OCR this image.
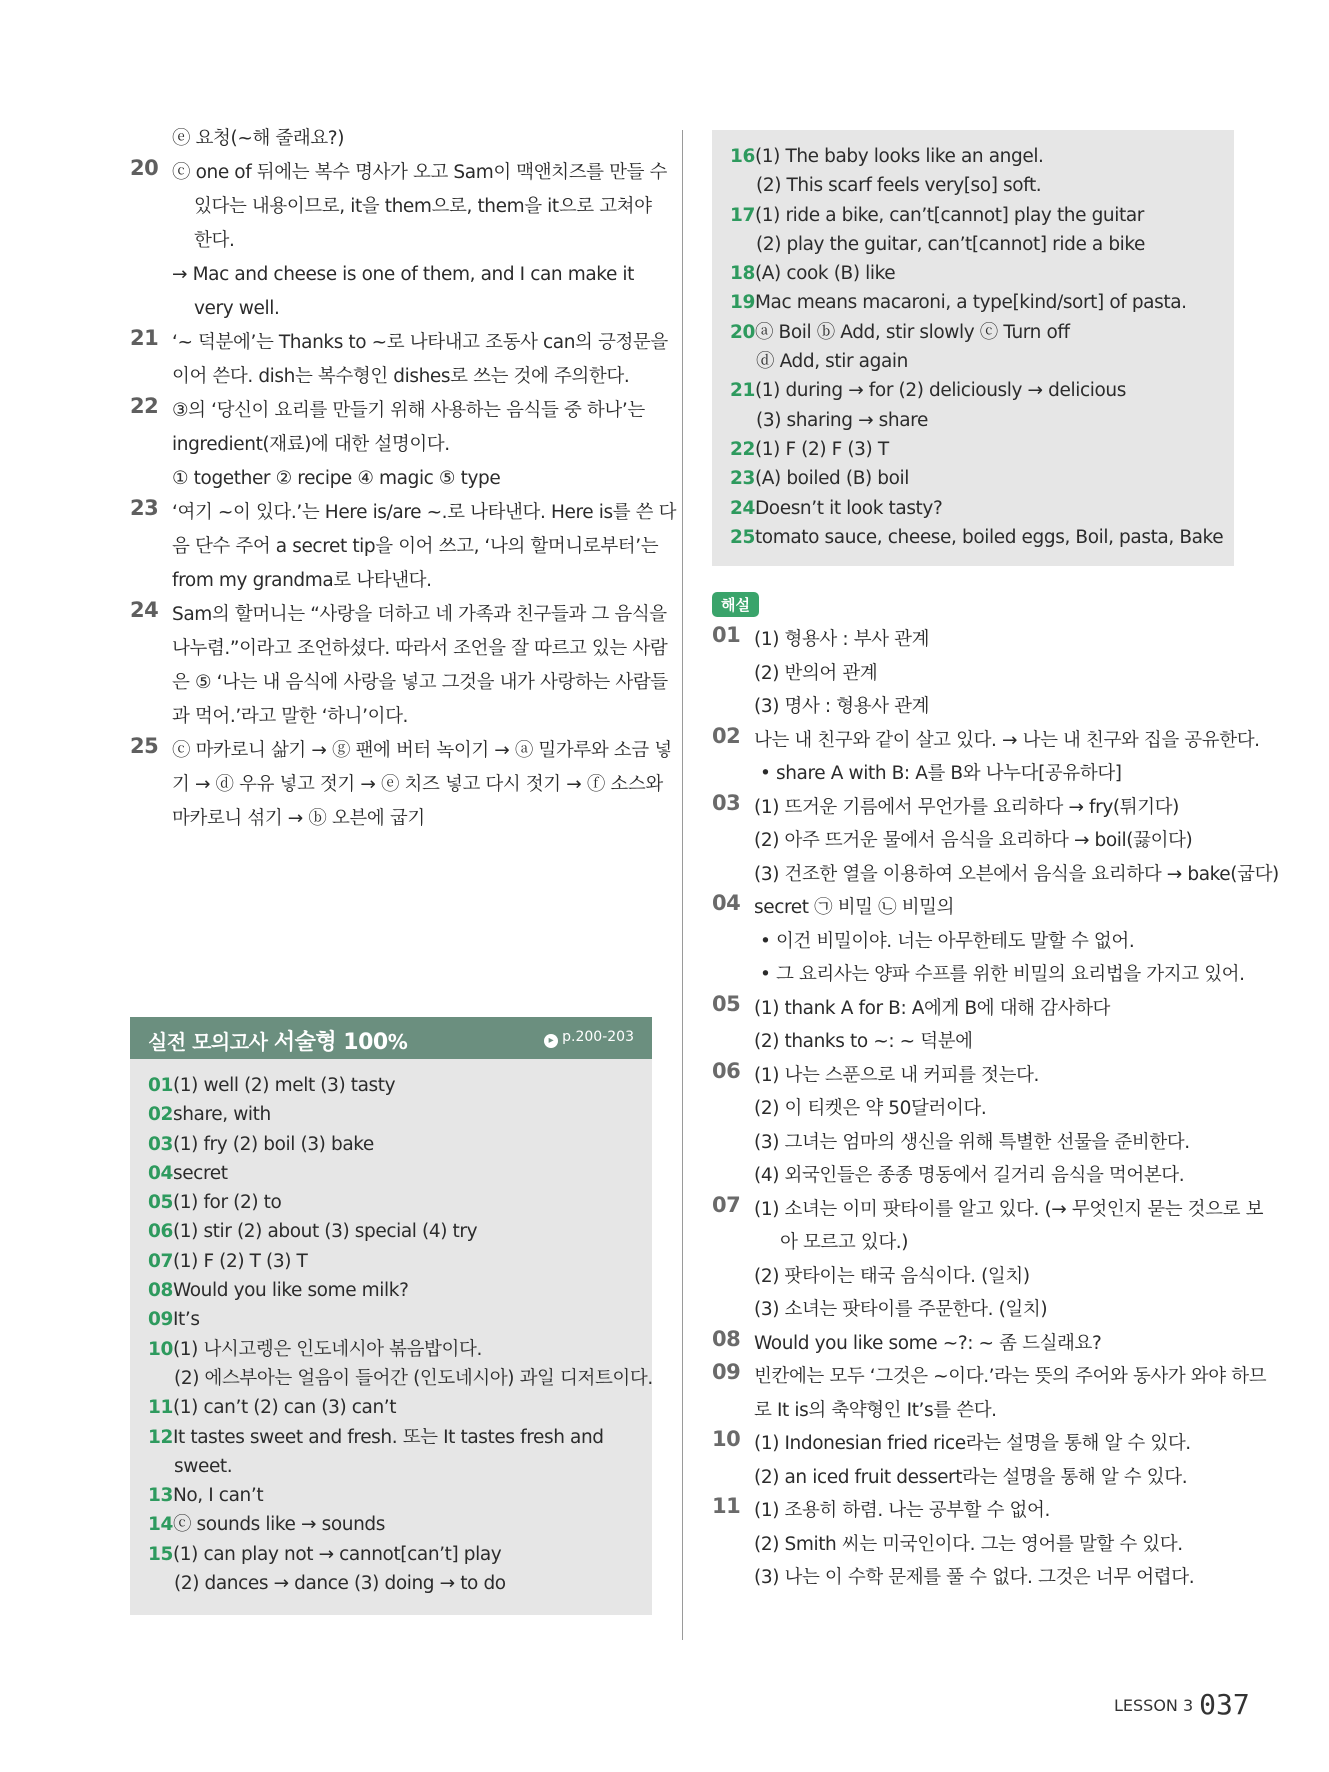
ⓔ 요청(~해 줄래요?)
20 ⓒ one of 뒤에는 복수 명사가 오고 Sam이 맥앤치즈를 만들 수
있다는 내용이므로, it을 them으로, them을 it으로 고쳐야
한다.
→ Mac and cheese is one of them, and I can make it
very well.
21 ‘~ 덕분에’는 Thanks to ~로 나타내고 조동사 can의 긍정문을
이어 쓴다. dish는 복수형인 dishes로 쓰는 것에 주의한다.
22 ③의 ‘당신이 요리를 만들기 위해 사용하는 음식들 중 하나’는
ingredient(재료)에 대한 설명이다.
① together ② recipe ④ magic ⑤ type
23 ‘여기 ~이 있다.’는 Here is/are ~.로 나타낸다. Here is를 쓴 다
음 단수 주어 a secret tip을 이어 쓰고, ‘나의 할머니로부터’는
from my grandma로 나타낸다.
24 Sam의 할머니는 “사랑을 더하고 네 가족과 친구들과 그 음식을
나누렴.”이라고 조언하셨다. 따라서 조언을 잘 따르고 있는 사람
은 ⑤ ‘나는 내 음식에 사랑을 넣고 그것을 내가 사랑하는 사람들
과 먹어.’라고 말한 ‘하니’이다.
25 ⓒ 마카로니 삶기 → ⓖ 팬에 버터 녹이기 → ⓐ 밀가루와 소금 넣
기 → ⓓ 우유 넣고 젓기 → ⓔ 치즈 넣고 다시 젓기 → ⓕ 소스와
마카로니 섞기 → ⓑ 오븐에 굽기
실전 모의고사 서술형 100%	▸ p.200-203
01(1) well (2) melt (3) tasty
02share, with
03(1) fry (2) boil (3) bake
04secret
05(1) for (2) to
06(1) stir (2) about (3) special (4) try
07(1) F (2) T (3) T
08Would you like some milk?
09It’s
10(1) 나시고렝은 인도네시아 볶음밥이다.
(2) 에스부아는 얼음이 들어간 (인도네시아) 과일 디저트이다.
11(1) can’t (2) can (3) can’t
12It tastes sweet and fresh. 또는 It tastes fresh and
sweet.
13No, I can’t
14ⓒ sounds like → sounds
15(1) can play not → cannot[can’t] play
(2) dances → dance (3) doing → to do
16(1) The baby looks like an angel.
(2) This scarf feels very[so] soft.
17(1) ride a bike, can’t[cannot] play the guitar
(2) play the guitar, can’t[cannot] ride a bike
18(A) cook (B) like
19Mac means macaroni, a type[kind/sort] of pasta.
20ⓐ Boil ⓑ Add, stir slowly ⓒ Turn off
ⓓ Add, stir again
21(1) during → for (2) deliciously → delicious
(3) sharing → share
22(1) F (2) F (3) T
23(A) boiled (B) boil
24Doesn’t it look tasty?
25tomato sauce, cheese, boiled eggs, Boil, pasta, Bake
해설
01 (1) 형용사 : 부사 관계
(2) 반의어 관계
(3) 명사 : 형용사 관계
02 나는 내 친구와 같이 살고 있다. → 나는 내 친구와 집을 공유한다.
• share A with B: A를 B와 나누다[공유하다]
03 (1) 뜨거운 기름에서 무언가를 요리하다 → fry(튀기다)
(2) 아주 뜨거운 물에서 음식을 요리하다 → boil(끓이다)
(3) 건조한 열을 이용하여 오븐에서 음식을 요리하다 → bake(굽다)
04 secret ㉠ 비밀 ㉡ 비밀의
• 이건 비밀이야. 너는 아무한테도 말할 수 없어.
• 그 요리사는 양파 수프를 위한 비밀의 요리법을 가지고 있어.
05 (1) thank A for B: A에게 B에 대해 감사하다
(2) thanks to ~: ~ 덕분에
06 (1) 나는 스푼으로 내 커피를 젓는다.
(2) 이 티켓은 약 50달러이다.
(3) 그녀는 엄마의 생신을 위해 특별한 선물을 준비한다.
(4) 외국인들은 종종 명동에서 길거리 음식을 먹어본다.
07 (1) 소녀는 이미 팟타이를 알고 있다. (→ 무엇인지 묻는 것으로 보
아 모르고 있다.)
(2) 팟타이는 태국 음식이다. (일치)
(3) 소녀는 팟타이를 주문한다. (일치)
08 Would you like some ~?: ~ 좀 드실래요?
09 빈칸에는 모두 ‘그것은 ~이다.’라는 뜻의 주어와 동사가 와야 하므
로 It is의 축약형인 It’s를 쓴다.
10 (1) Indonesian fried rice라는 설명을 통해 알 수 있다.
(2) an iced fruit dessert라는 설명을 통해 알 수 있다.
11 (1) 조용히 하렴. 나는 공부할 수 없어.
(2) Smith 씨는 미국인이다. 그는 영어를 말할 수 있다.
(3) 나는 이 수학 문제를 풀 수 없다. 그것은 너무 어렵다.
LESSON 3 037
